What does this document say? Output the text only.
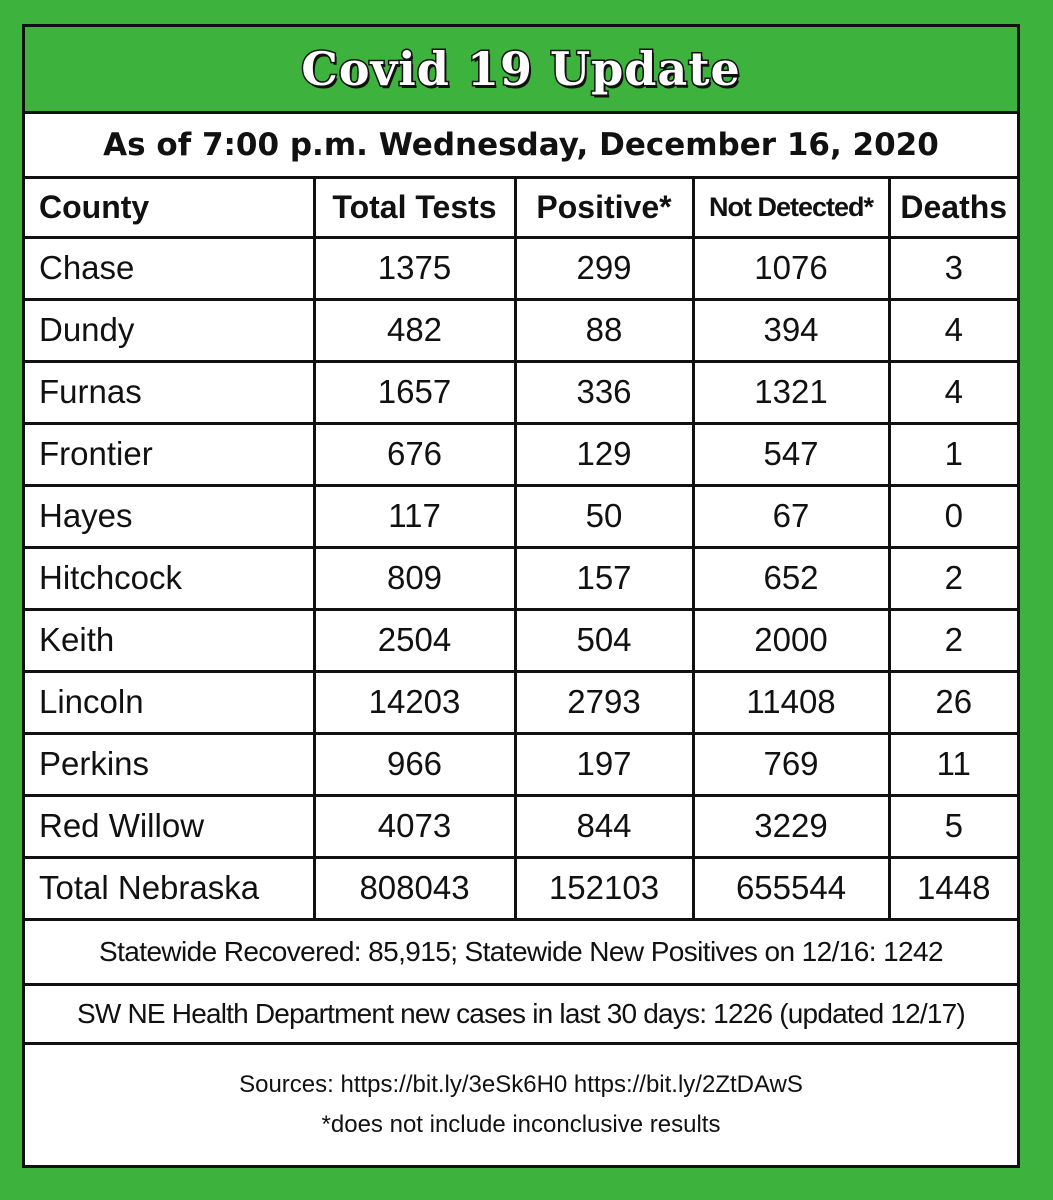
Covid 19 Update
As of 7:00 p.m. Wednesday, December 16, 2020
County	Total Tests	Positive*	Not Detected*	Deaths
Chase	1375	299	1076	3
Dundy	482	88	394	4
Furnas	1657	336	1321	4
Frontier	676	129	547	1
Hayes	117	50	67	0
Hitchcock	809	157	652	2
Keith	2504	504	2000	2
Lincoln	14203	2793	11408	26
Perkins	966	197	769	11
Red Willow	4073	844	3229	5
Total Nebraska	808043	152103	655544	1448
Statewide Recovered: 85,915; Statewide New Positives on 12/16: 1242
SW NE Health Department new cases in last 30 days: 1226 (updated 12/17)
Sources: https://bit.ly/3eSk6H0 https://bit.ly/2ZtDAwS
*does not include inconclusive results
